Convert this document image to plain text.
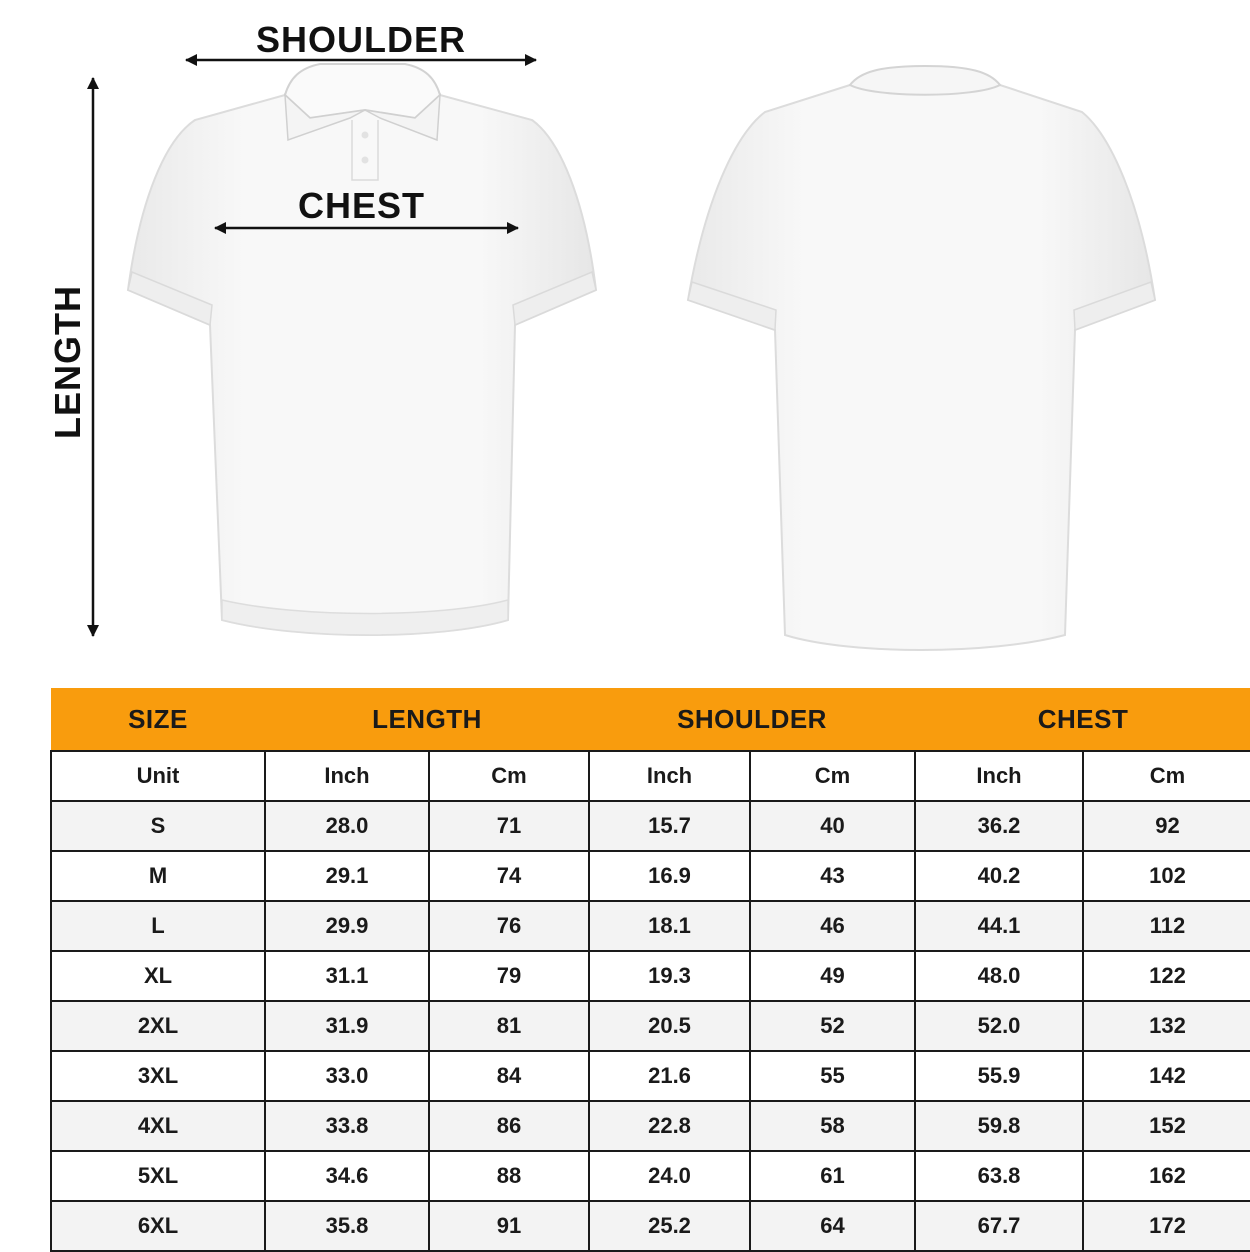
SHOULDER
CHEST
LENGTH
SIZE	LENGTH		SHOULDER		CHEST	
Unit	Inch	Cm	Inch	Cm	Inch	Cm
S	28.0	71	15.7	40	36.2	92
M	29.1	74	16.9	43	40.2	102
L	29.9	76	18.1	46	44.1	112
XL	31.1	79	19.3	49	48.0	122
2XL	31.9	81	20.5	52	52.0	132
3XL	33.0	84	21.6	55	55.9	142
4XL	33.8	86	22.8	58	59.8	152
5XL	34.6	88	24.0	61	63.8	162
6XL	35.8	91	25.2	64	67.7	172
